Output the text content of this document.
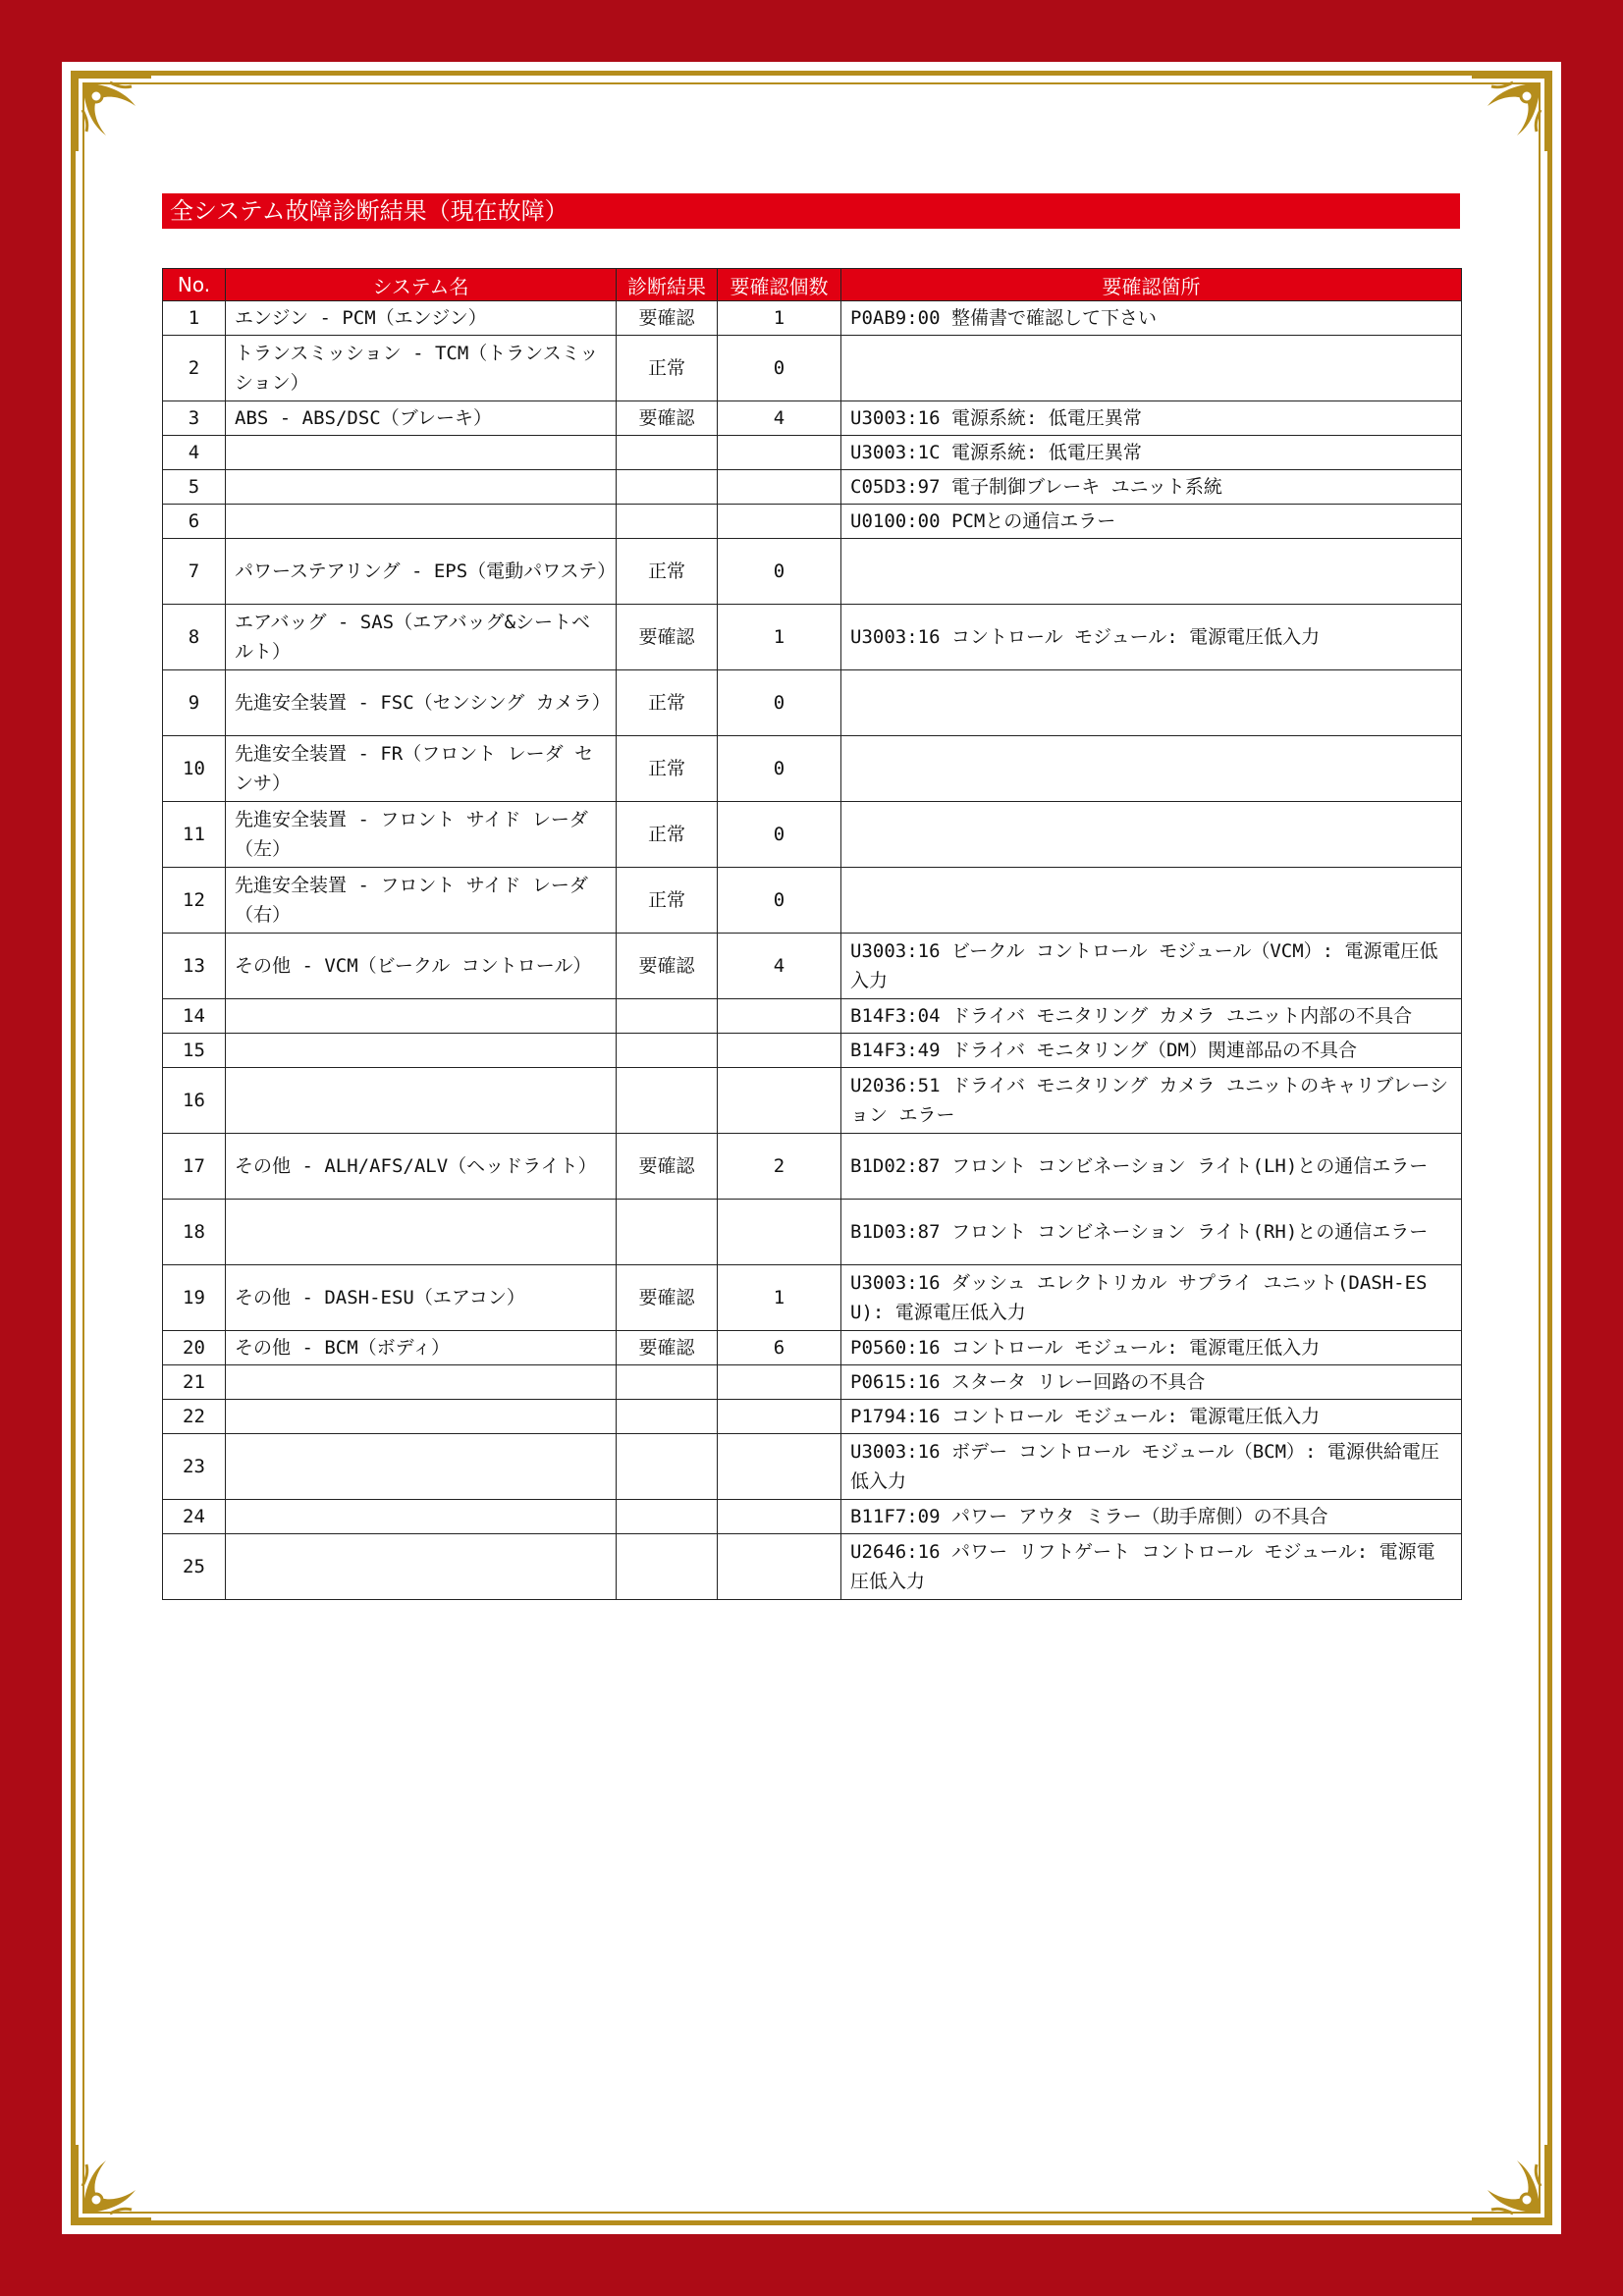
全システム故障診断結果（現在故障）
No.	システム名	診断結果	要確認個数	要確認箇所
1	エンジン - PCM（エンジン）	要確認	1	P0AB9:00 整備書で確認して下さい
2	トランスミッション - TCM（トランスミッション）	正常	0	
3	ABS - ABS/DSC（ブレーキ）	要確認	4	U3003:16 電源系統: 低電圧異常
4				U3003:1C 電源系統: 低電圧異常
5				C05D3:97 電子制御ブレーキ ユニット系統
6				U0100:00 PCMとの通信エラー
7	パワーステアリング - EPS（電動パワステ）	正常	0	
8	エアバッグ - SAS（エアバッグ&シートベルト）	要確認	1	U3003:16 コントロール モジュール: 電源電圧低入力
9	先進安全装置 - FSC（センシング カメラ）	正常	0	
10	先進安全装置 - FR（フロント レーダ センサ）	正常	0	
11	先進安全装置 - フロント サイド レーダ（左）	正常	0	
12	先進安全装置 - フロント サイド レーダ（右）	正常	0	
13	その他 - VCM（ビークル コントロール）	要確認	4	U3003:16 ビークル コントロール モジュール（VCM）: 電源電圧低入力
14				B14F3:04 ドライバ モニタリング カメラ ユニット内部の不具合
15				B14F3:49 ドライバ モニタリング（DM）関連部品の不具合
16				U2036:51 ドライバ モニタリング カメラ ユニットのキャリブレーション エラー
17	その他 - ALH/AFS/ALV（ヘッドライト）	要確認	2	B1D02:87 フロント コンビネーション ライト(LH)との通信エラー
18				B1D03:87 フロント コンビネーション ライト(RH)との通信エラー
19	その他 - DASH-ESU（エアコン）	要確認	1	U3003:16 ダッシュ エレクトリカル サプライ ユニット(DASH-ESU): 電源電圧低入力
20	その他 - BCM（ボディ）	要確認	6	P0560:16 コントロール モジュール: 電源電圧低入力
21				P0615:16 スタータ リレー回路の不具合
22				P1794:16 コントロール モジュール: 電源電圧低入力
23				U3003:16 ボデー コントロール モジュール（BCM）: 電源供給電圧低入力
24				B11F7:09 パワー アウタ ミラー（助手席側）の不具合
25				U2646:16 パワー リフトゲート コントロール モジュール: 電源電圧低入力
